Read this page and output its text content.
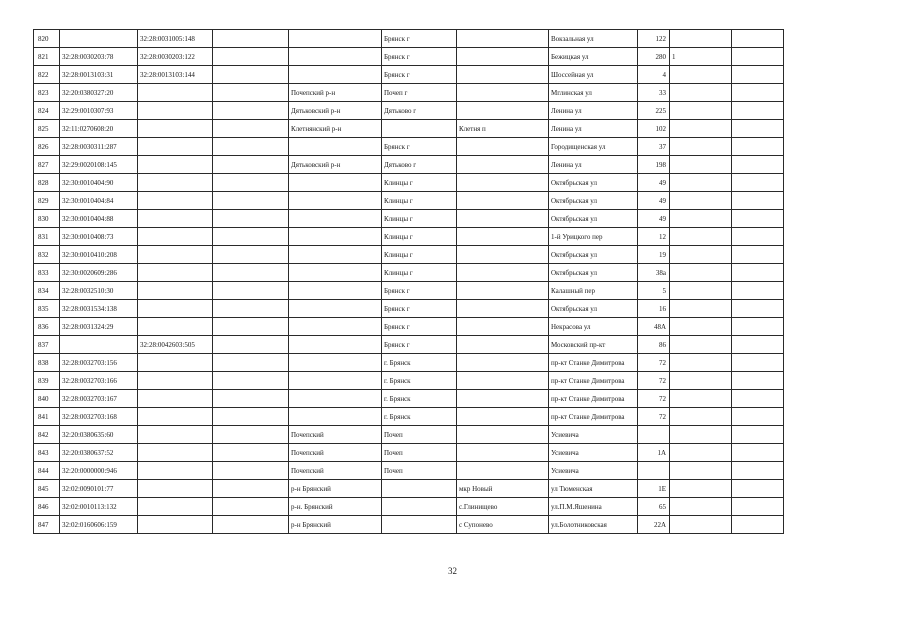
820		32:28:0031005:148			Брянск г		Вокзальная ул	122		
821	32:28:0030203:78	32:28:0030203:122			Брянск г		Бежицкая ул	280	1	
822	32:28:0013103:31	32:28:0013103:144			Брянск г		Шоссейная ул	4		
823	32:20:0380327:20			Почепский р-н	Почеп г		Мглинская ул	33		
824	32:29:0010307:93			Дятьковский р-н	Дятьково г		Ленина ул	225		
825	32:11:0270608:20			Клетнянский р-н		Клетня п	Ленина ул	102		
826	32:28:0030311:287				Брянск г		Городищенская ул	37		
827	32:29:0020108:145			Дятьковский р-н	Дятьково г		Ленина ул	198		
828	32:30:0010404:90				Клинцы г		Октябрьская ул	49		
829	32:30:0010404:84				Клинцы г		Октябрьская ул	49		
830	32:30:0010404:88				Клинцы г		Октябрьская ул	49		
831	32:30:0010408:73				Клинцы г		1-й Урицкого пер	12		
832	32:30:0010410:208				Клинцы г		Октябрьская ул	19		
833	32:30:0020609:286				Клинцы г		Октябрьская ул	38а		
834	32:28:0032510:30				Брянск г		Калашный пер	5		
835	32:28:0031534:138				Брянск г		Октябрьская ул	16		
836	32:28:0031324:29				Брянск г		Некрасова ул	48А		
837		32:28:0042603:505			Брянск г		Московский пр-кт	86		
838	32:28:0032703:156				г. Брянск		пр-кт Станке Димитрова	72		
839	32:28:0032703:166				г. Брянск		пр-кт Станке Димитрова	72		
840	32:28:0032703:167				г. Брянск		пр-кт Станке Димитрова	72		
841	32:28:0032703:168				г. Брянск		пр-кт Станке Димитрова	72		
842	32:20:0380635:60			Почепский	Почеп		Усиевича			
843	32:20:0380637:52			Почепский	Почеп		Усиевича	1А		
844	32:20:0000000:946			Почепский	Почеп		Усиевича			
845	32:02:0090101:77			р-н Брянский		мкр Новый	ул Тюменская	1Е		
846	32:02:0010113:132			р-н. Брянский		с.Глинищево	ул.П.М.Яшенина	65		
847	32:02:0160606:159			р-н Брянский		с Супонево	ул.Болотниковская	22А		
32
